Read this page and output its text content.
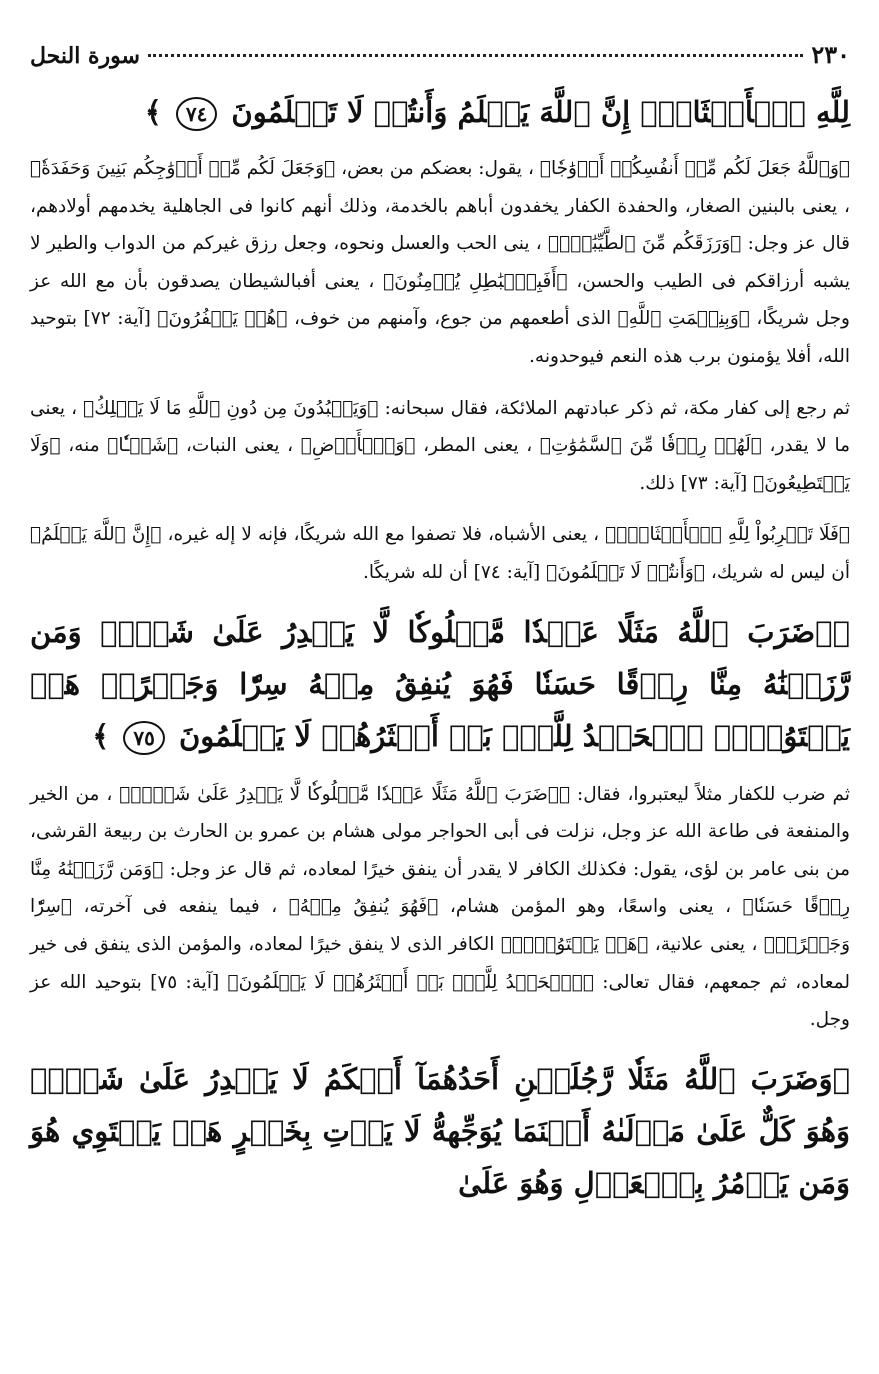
٢٣٠
سورة النحل

لِلَّهِ ٱلۡأَمۡثَالَۚ إِنَّ ٱللَّهَ يَعۡلَمُ وَأَنتُمۡ لَا تَعۡلَمُونَ ٧٤ ﴾

﴿وَٱللَّهُ جَعَلَ لَكُم مِّنۡ أَنفُسِكُمۡ أَزۡوَٰجٗا﴾ ، يقول: بعضكم من بعض، ﴿وَجَعَلَ لَكُم مِّنۡ أَزۡوَٰجِكُم بَنِينَ وَحَفَدَةٗ﴾ ، يعنى بالبنين الصغار، والحفدة الكفار يخفدون أباهم بالخدمة، وذلك أنهم كانوا فى الجاهلية يخدمهم أولادهم، قال عز وجل: ﴿وَرَزَقَكُم مِّنَ ٱلطَّيِّبَٰتِۚ﴾ ، ينى الحب والعسل ونحوه، وجعل رزق غيركم من الدواب والطير لا يشبه أرزاقكم فى الطيب والحسن، ﴿أَفَبِٱلۡبَٰطِلِ يُؤۡمِنُونَ﴾ ، يعنى أفبالشيطان يصدقون بأن مع الله عز وجل شريكًا، ﴿وَبِنِعۡمَتِ ٱللَّهِ﴾ الذى أطعمهم من جوع، وآمنهم من خوف، ﴿هُمۡ يَكۡفُرُونَ﴾ [آية: ٧٢] بتوحيد الله، أفلا يؤمنون برب هذه النعم فيوحدونه.

ثم رجع إلى كفار مكة، ثم ذكر عبادتهم الملائكة، فقال سبحانه: ﴿وَيَعۡبُدُونَ مِن دُونِ ٱللَّهِ مَا لَا يَمۡلِكُ﴾ ، يعنى ما لا يقدر، ﴿لَهُمۡ رِزۡقٗا مِّنَ ٱلسَّمَٰوَٰتِ﴾ ، يعنى المطر، ﴿وَٱلۡأَرۡضِ﴾ ، يعنى النبات، ﴿شَيۡـٔٗا﴾ منه، ﴿وَلَا يَسۡتَطِيعُونَ﴾ [آية: ٧٣] ذلك.

﴿فَلَا تَضۡرِبُواْ لِلَّهِ ٱلۡأَمۡثَالَۚ﴾ ، يعنى الأشباه، فلا تصفوا مع الله شريكًا، فإنه لا إله غيره، ﴿إِنَّ ٱللَّهَ يَعۡلَمُ﴾ أن ليس له شريك، ﴿وَأَنتُمۡ لَا تَعۡلَمُونَ﴾ [آية: ٧٤] أن لله شريكًا.

﴿۞ضَرَبَ ٱللَّهُ مَثَلًا عَبۡدٗا مَّمۡلُوكٗا لَّا يَقۡدِرُ عَلَىٰ شَيۡءٖ وَمَن رَّزَقۡنَٰهُ مِنَّا رِزۡقًا حَسَنٗا فَهُوَ يُنفِقُ مِنۡهُ سِرّٗا وَجَهۡرًاۖ هَلۡ يَسۡتَوُۥنَۚ ٱلۡحَمۡدُ لِلَّهِۚ بَلۡ أَكۡثَرُهُمۡ لَا يَعۡلَمُونَ ٧٥ ﴾

ثم ضرب للكفار مثلاً ليعتبروا، فقال: ﴿۞ضَرَبَ ٱللَّهُ مَثَلًا عَبۡدٗا مَّمۡلُوكٗا لَّا يَقۡدِرُ عَلَىٰ شَيۡءٖ﴾ ، من الخير والمنفعة فى طاعة الله عز وجل، نزلت فى أبى الحواجر مولى هشام بن عمرو بن الحارث بن ربيعة القرشى، من بنى عامر بن لؤى، يقول: فكذلك الكافر لا يقدر أن ينفق خيرًا لمعاده، ثم قال عز وجل: ﴿وَمَن رَّزَقۡنَٰهُ مِنَّا رِزۡقًا حَسَنٗا﴾ ، يعنى واسعًا، وهو المؤمن هشام، ﴿فَهُوَ يُنفِقُ مِنۡهُ﴾ ، فيما ينفعه فى آخرته، ﴿سِرّٗا وَجَهۡرًاۖ﴾ ، يعنى علانية، ﴿هَلۡ يَسۡتَوُۥنَۚ﴾ الكافر الذى لا ينفق خيرًا لمعاده، والمؤمن الذى ينفق فى خير لمعاده، ثم جمعهم، فقال تعالى: ﴿ٱلۡحَمۡدُ لِلَّهِۚ بَلۡ أَكۡثَرُهُمۡ لَا يَعۡلَمُونَ﴾ [آية: ٧٥] بتوحيد الله عز وجل.

﴿وَضَرَبَ ٱللَّهُ مَثَلٗا رَّجُلَيۡنِ أَحَدُهُمَآ أَبۡكَمُ لَا يَقۡدِرُ عَلَىٰ شَيۡءٖ وَهُوَ كَلٌّ عَلَىٰ مَوۡلَىٰهُ أَيۡنَمَا يُوَجِّههُّ لَا يَأۡتِ بِخَيۡرٍ هَلۡ يَسۡتَوِي هُوَ وَمَن يَأۡمُرُ بِٱلۡعَدۡلِ وَهُوَ عَلَىٰ
